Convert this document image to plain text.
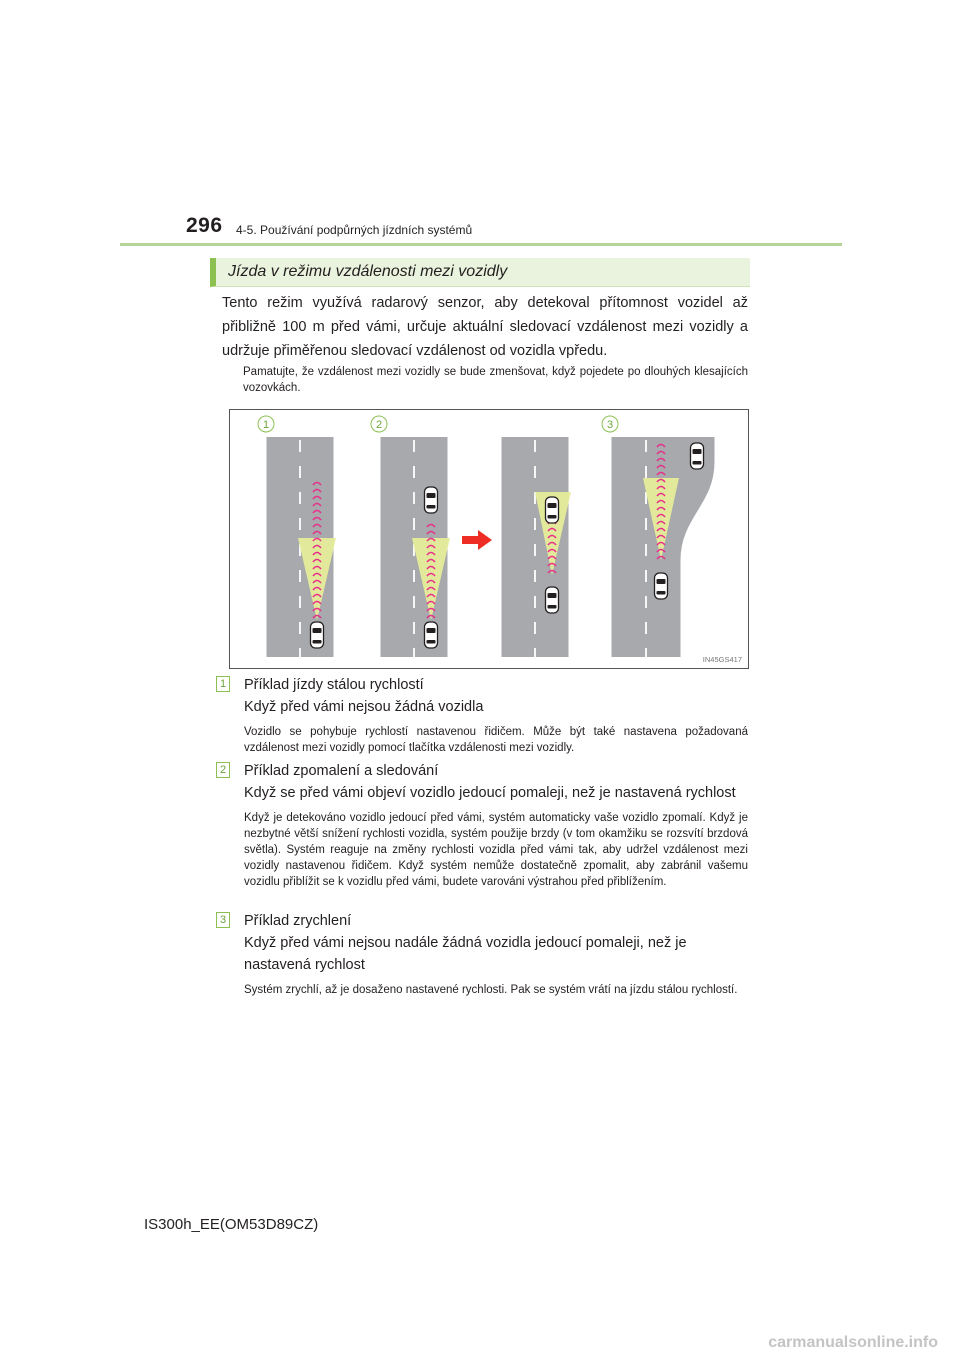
296 4-5. Používání podpůrných jízdních systémů
Jízda v režimu vzdálenosti mezi vozidly
Tento režim využívá radarový senzor, aby detekoval přítomnost vozidel až přibližně 100 m před vámi, určuje aktuální sledovací vzdálenost mezi vozidly a udržuje přiměřenou sledovací vzdálenost od vozidla vpředu.
Pamatujte, že vzdálenost mezi vozidly se bude zmenšovat, když pojedete po dlouhých klesajících vozovkách.
1	2	3
IN45GS417
1 Příklad jízdy stálou rychlostí
Když před vámi nejsou žádná vozidla
Vozidlo se pohybuje rychlostí nastavenou řidičem. Může být také nastavena požadovaná vzdálenost mezi vozidly pomocí tlačítka vzdálenosti mezi vozidly.
2 Příklad zpomalení a sledování
Když se před vámi objeví vozidlo jedoucí pomaleji, než je nastavená rychlost
Když je detekováno vozidlo jedoucí před vámi, systém automaticky vaše vozidlo zpomalí. Když je nezbytné větší snížení rychlosti vozidla, systém použije brzdy (v tom okamžiku se rozsvítí brzdová světla). Systém reaguje na změny rychlosti vozidla před vámi tak, aby udržel vzdálenost mezi vozidly nastavenou řidičem. Když systém nemůže dostatečně zpomalit, aby zabránil vašemu vozidlu přiblížit se k vozidlu před vámi, budete varováni výstrahou před přiblížením.
3 Příklad zrychlení
Když před vámi nejsou nadále žádná vozidla jedoucí pomaleji, než je nastavená rychlost
Systém zrychlí, až je dosaženo nastavené rychlosti. Pak se systém vrátí na jízdu stálou rychlostí.
IS300h_EE(OM53D89CZ)
carmanualsonline.info
